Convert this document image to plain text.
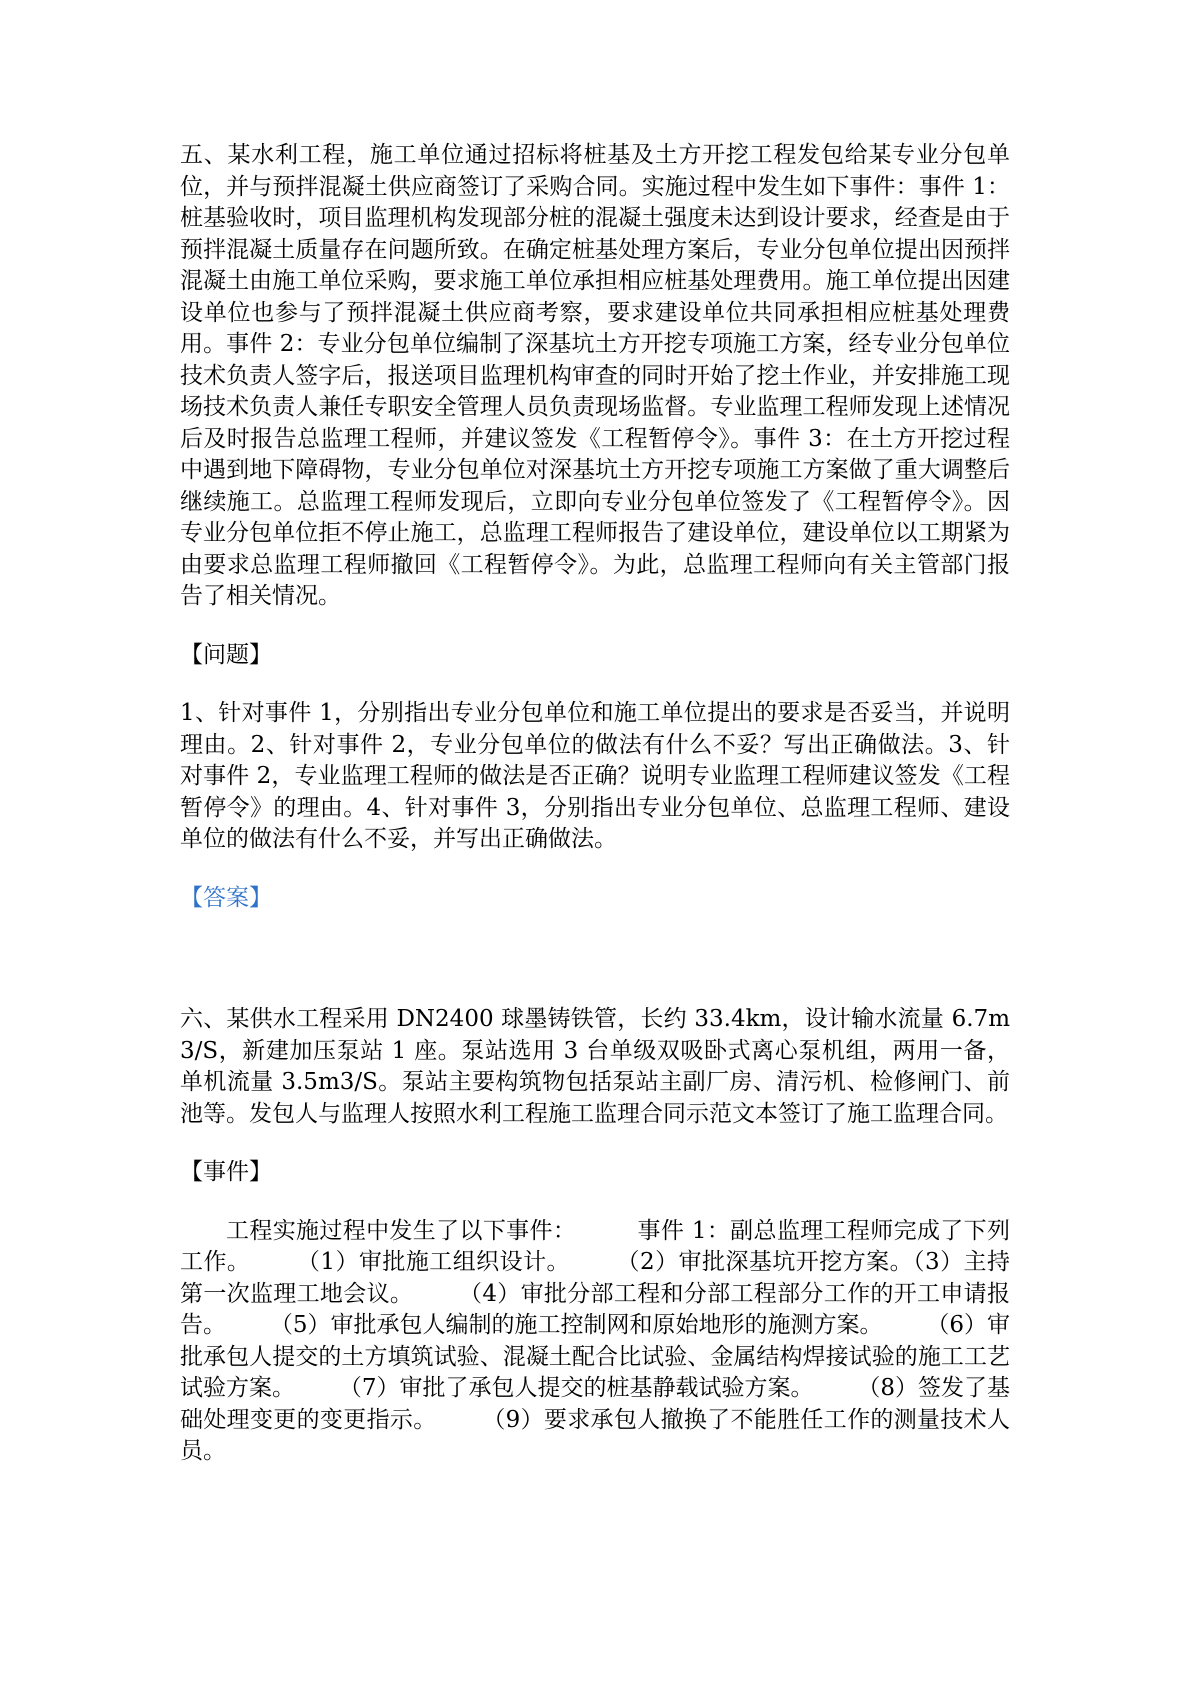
五、某水利工程，施工单位通过招标将桩基及土方开挖工程发包给某专业分包单位，并与预拌混凝土供应商签订了采购合同。实施过程中发生如下事件：事件 1：桩基验收时，项目监理机构发现部分桩的混凝土强度未达到设计要求，经查是由于预拌混凝土质量存在问题所致。在确定桩基处理方案后，专业分包单位提出因预拌混凝土由施工单位采购，要求施工单位承担相应桩基处理费用。施工单位提出因建设单位也参与了预拌混凝土供应商考察，要求建设单位共同承担相应桩基处理费用。事件 2：专业分包单位编制了深基坑土方开挖专项施工方案，经专业分包单位技术负责人签字后，报送项目监理机构审查的同时开始了挖土作业，并安排施工现场技术负责人兼任专职安全管理人员负责现场监督。专业监理工程师发现上述情况后及时报告总监理工程师，并建议签发《工程暂停令》。事件 3：在土方开挖过程中遇到地下障碍物，专业分包单位对深基坑土方开挖专项施工方案做了重大调整后继续施工。总监理工程师发现后，立即向专业分包单位签发了《工程暂停令》。因专业分包单位拒不停止施工，总监理工程师报告了建设单位，建设单位以工期紧为由要求总监理工程师撤回《工程暂停令》。为此，总监理工程师向有关主管部门报告了相关情况。

【问题】

1、针对事件 1，分别指出专业分包单位和施工单位提出的要求是否妥当，并说明理由。2、针对事件 2，专业分包单位的做法有什么不妥？写出正确做法。3、针对事件 2，专业监理工程师的做法是否正确？说明专业监理工程师建议签发《工程暂停令》的理由。4、针对事件 3，分别指出专业分包单位、总监理工程师、建设单位的做法有什么不妥，并写出正确做法。

【答案】

六、某供水工程采用 DN2400 球墨铸铁管，长约 33.4km，设计输水流量 6.7m3/S，新建加压泵站 1 座。泵站选用 3 台单级双吸卧式离心泵机组，两用一备，单机流量 3.5m3/S。泵站主要构筑物包括泵站主副厂房、清污机、检修闸门、前池等。发包人与监理人按照水利工程施工监理合同示范文本签订了施工监理合同。

【事件】

工程实施过程中发生了以下事件：        事件 1：副总监理工程师完成了下列工作。      （1）审批施工组织设计。      （2）审批深基坑开挖方案。（3）主持第一次监理工地会议。      （4）审批分部工程和分部工程部分工作的开工申请报告。      （5）审批承包人编制的施工控制网和原始地形的施测方案。      （6）审批承包人提交的土方填筑试验、混凝土配合比试验、金属结构焊接试验的施工工艺试验方案。      （7）审批了承包人提交的桩基静载试验方案。      （8）签发了基础处理变更的变更指示。      （9）要求承包人撤换了不能胜任工作的测量技术人员。
